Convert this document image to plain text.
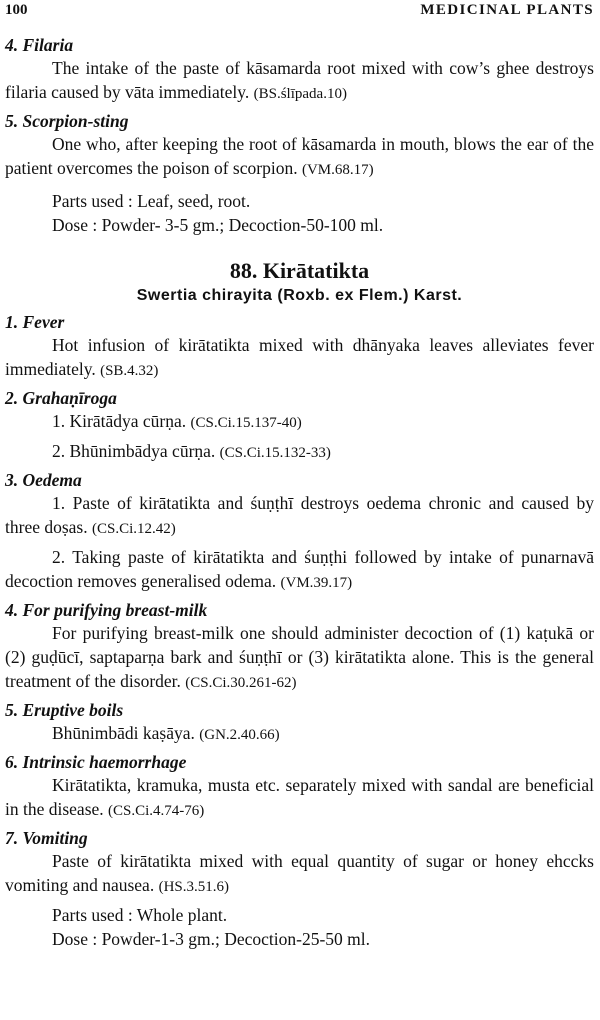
100	MEDICINAL PLANTS
4. Filaria

The intake of the paste of kāsamarda root mixed with cow’s ghee destroys filaria caused by vāta immediately. (BS.ślīpada.10)

5. Scorpion-sting

One who, after keeping the root of kāsamarda in mouth, blows the ear of the patient overcomes the poison of scorpion. (VM.68.17)

Parts used : Leaf, seed, root.

Dose : Powder- 3-5 gm.; Decoction-50-100 ml.

88. Kirātatikta
Swertia chirayita (Roxb. ex Flem.) Karst.
1. Fever

Hot infusion of kirātatikta mixed with dhānyaka leaves alleviates fever immediately. (SB.4.32)

2. Grahaṇīroga

1. Kirātādya cūrṇa. (CS.Ci.15.137-40)

2. Bhūnimbādya cūrṇa. (CS.Ci.15.132-33)

3. Oedema

1. Paste of kirātatikta and śuṇṭhī destroys oedema chronic and caused by three doṣas. (CS.Ci.12.42)

2. Taking paste of kirātatikta and śuṇṭhi followed by intake of punarnavā decoction removes generalised odema. (VM.39.17)

4. For purifying breast-milk

For purifying breast-milk one should administer decoction of (1) kaṭukā or (2) guḍūcī, saptaparṇa bark and śuṇṭhī or (3) kirātatikta alone. This is the general treatment of the disorder. (CS.Ci.30.261-62)

5. Eruptive boils

Bhūnimbādi kaṣāya. (GN.2.40.66)

6. Intrinsic haemorrhage

Kirātatikta, kramuka, musta etc. separately mixed with sandal are beneficial in the disease. (CS.Ci.4.74-76)

7. Vomiting

Paste of kirātatikta mixed with equal quantity of sugar or honey ehccks vomiting and nausea. (HS.3.51.6)

Parts used : Whole plant.

Dose : Powder-1-3 gm.; Decoction-25-50 ml.
